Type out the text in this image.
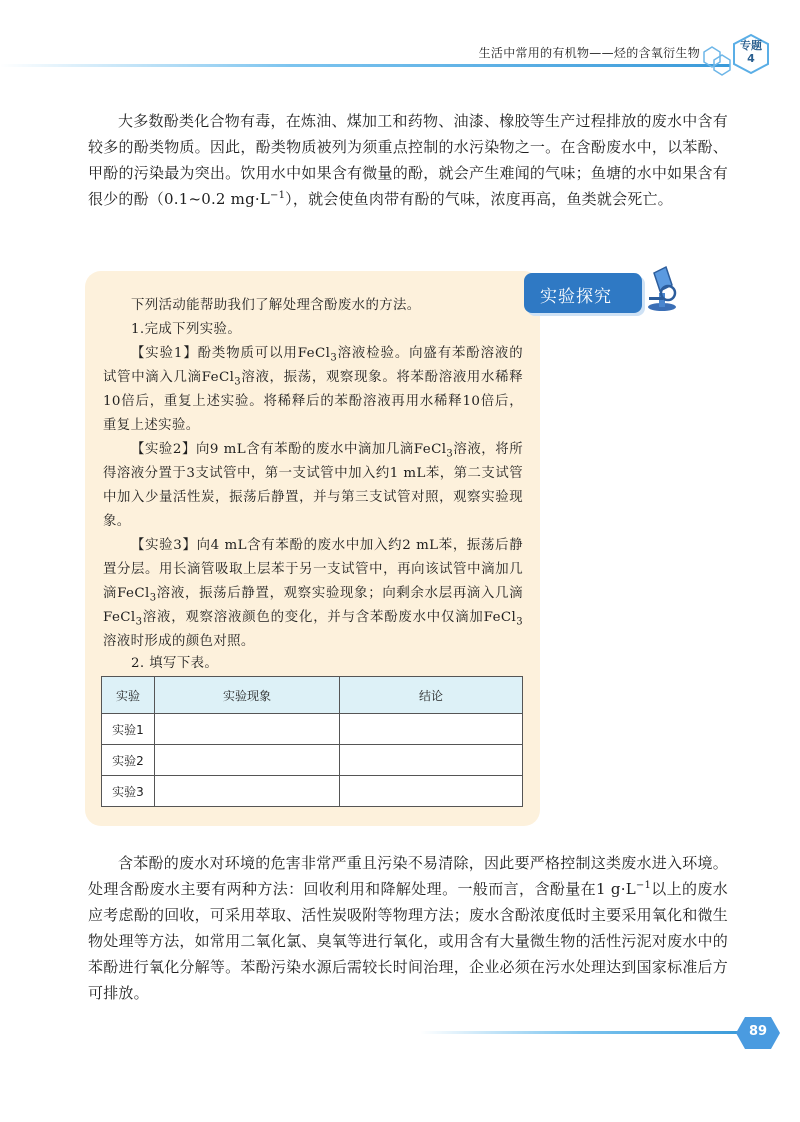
生活中常用的有机物——烃的含氧衍生物
专题
4
大多数酚类化合物有毒，在炼油、煤加工和药物、油漆、橡胶等生产过程排放的废水中含有较多的酚类物质。因此，酚类物质被列为须重点控制的水污染物之一。在含酚废水中，以苯酚、甲酚的污染最为突出。饮用水中如果含有微量的酚，就会产生难闻的气味；鱼塘的水中如果含有很少的酚（0.1~0.2 $mg\cdot L^{-1}$），就会使鱼肉带有酚的气味，浓度再高，鱼类就会死亡。
实验探究
下列活动能帮助我们了解处理含酚废水的方法。
1.完成下列实验。
【实验1】酚类物质可以用FeCl$_3$溶液检验。向盛有苯酚溶液的试管中滴入几滴FeCl$_3$溶液，振荡，观察现象。将苯酚溶液用水稀释10倍后，重复上述实验。将稀释后的苯酚溶液再用水稀释10倍后，重复上述实验。
【实验2】向9 mL含有苯酚的废水中滴加几滴FeCl$_3$溶液，将所得溶液分置于3支试管中，第一支试管中加入约1 mL苯，第二支试管中加入少量活性炭，振荡后静置，并与第三支试管对照，观察实验现象。
【实验3】向4 mL含有苯酚的废水中加入约2 mL苯，振荡后静置分层。用长滴管吸取上层苯于另一支试管中，再向该试管中滴加几滴FeCl$_3$溶液，振荡后静置，观察实验现象；向剩余水层再滴入几滴FeCl$_3$溶液，观察溶液颜色的变化，并与含苯酚废水中仅滴加FeCl$_3$溶液时形成的颜色对照。
2. 填写下表。
实验	实验现象	结论
实验1		
实验2		
实验3		
含苯酚的废水对环境的危害非常严重且污染不易清除，因此要严格控制这类废水进入环境。处理含酚废水主要有两种方法：回收利用和降解处理。一般而言，含酚量在1 $g\cdot L^{-1}$以上的废水应考虑酚的回收，可采用萃取、活性炭吸附等物理方法；废水含酚浓度低时主要采用氧化和微生物处理等方法，如常用二氧化氯、臭氧等进行氧化，或用含有大量微生物的活性污泥对废水中的苯酚进行氧化分解等。苯酚污染水源后需较长时间治理，企业必须在污水处理达到国家标准后方可排放。
89
